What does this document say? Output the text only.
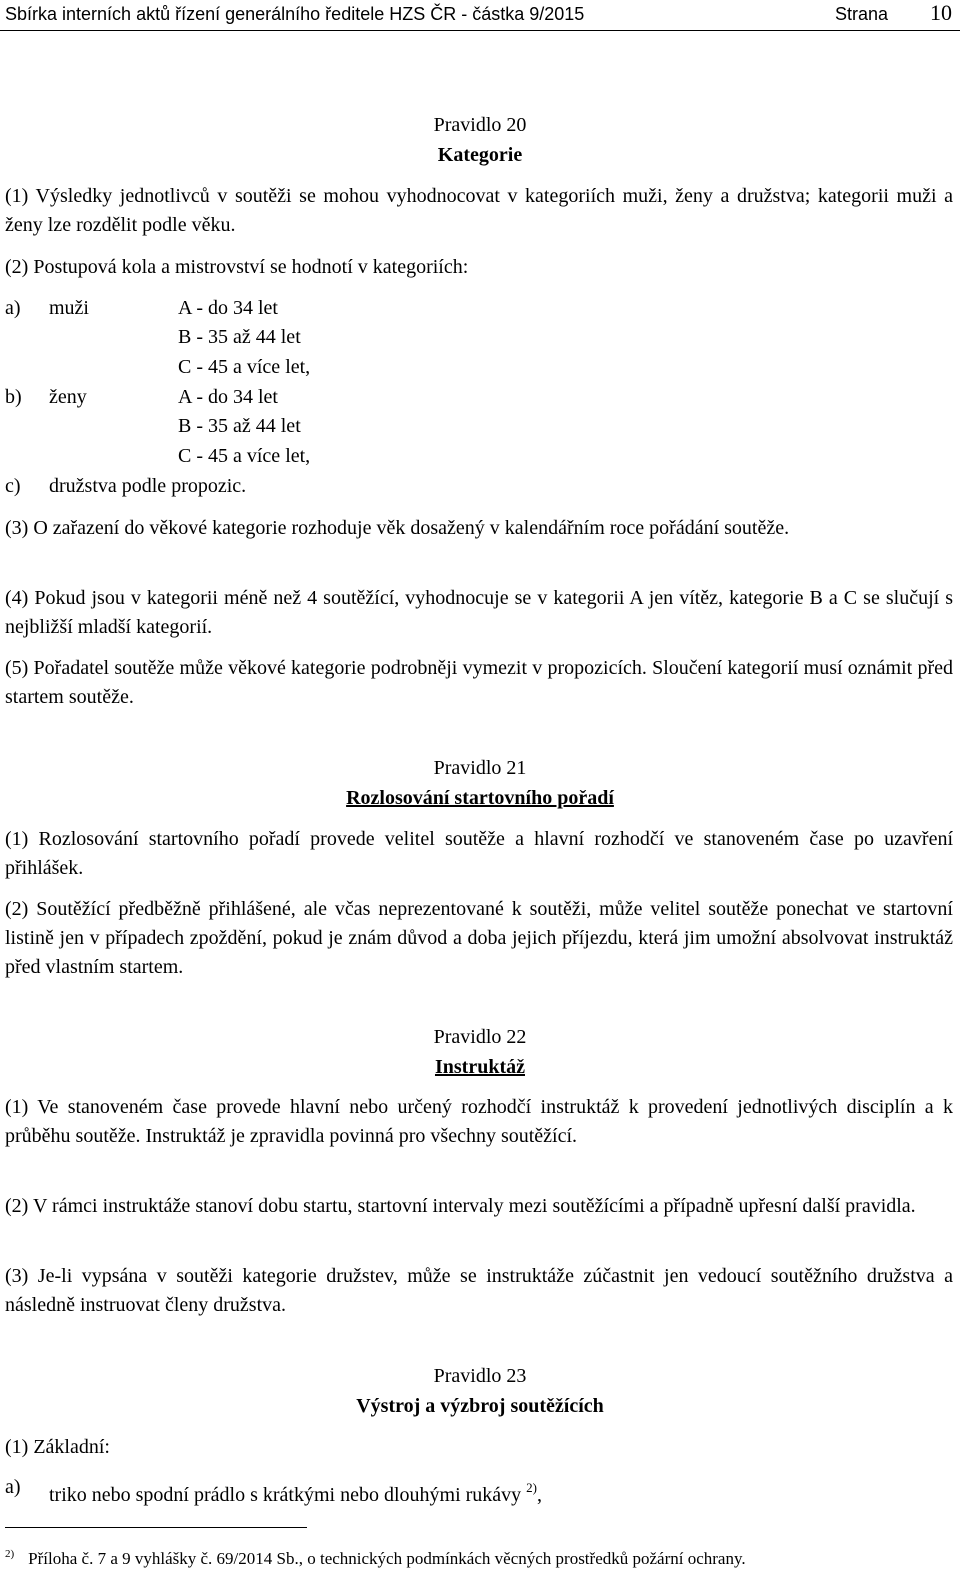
Sbírka interních aktů řízení generálního ředitele HZS ČR - částka 9/2015	Strana 10
Pravidlo 20
Kategorie
(1) Výsledky jednotlivců v soutěži se mohou vyhodnocovat v kategoriích muži, ženy a družstva; kategorii muži a ženy lze rozdělit podle věku.
(2) Postupová kola a mistrovství se hodnotí v kategoriích:
a) muži	A - do 34 let
B - 35 až 44 let
C - 45 a více let,
b) ženy	A - do 34 let
B - 35 až 44 let
C - 45 a více let,
c) družstva podle propozic.
(3) O zařazení do věkové kategorie rozhoduje věk dosažený v kalendářním roce pořádání soutěže.
(4) Pokud jsou v kategorii méně než 4 soutěžící, vyhodnocuje se v kategorii A jen vítěz, kategorie B a C se slučují s nejbližší mladší kategorií.
(5) Pořadatel soutěže může věkové kategorie podrobněji vymezit v propozicích. Sloučení kategorií musí oznámit před startem soutěže.
Pravidlo 21
Rozlosování startovního pořadí
(1) Rozlosování startovního pořadí provede velitel soutěže a hlavní rozhodčí ve stanoveném čase po uzavření přihlášek.
(2) Soutěžící předběžně přihlášené, ale včas neprezentované k soutěži, může velitel soutěže ponechat ve startovní listině jen v případech zpoždění, pokud je znám důvod a doba jejich příjezdu, která jim umožní absolvovat instruktáž před vlastním startem.
Pravidlo 22
Instruktáž
(1) Ve stanoveném čase provede hlavní nebo určený rozhodčí instruktáž k provedení jednotlivých disciplín a k průběhu soutěže. Instruktáž je zpravidla povinná pro všechny soutěžící.
(2) V rámci instruktáže stanoví dobu startu, startovní intervaly mezi soutěžícími a případně upřesní další pravidla.
(3) Je-li vypsána v soutěži kategorie družstev, může se instruktáže zúčastnit jen vedoucí soutěžního družstva a následně instruovat členy družstva.
Pravidlo 23
Výstroj a výzbroj soutěžících
(1) Základní:
a) triko nebo spodní prádlo s krátkými nebo dlouhými rukávy $^{2)}$,
$^{2)}$ Příloha č. 7 a 9 vyhlášky č. 69/2014 Sb., o technických podmínkách věcných prostředků požární ochrany.
